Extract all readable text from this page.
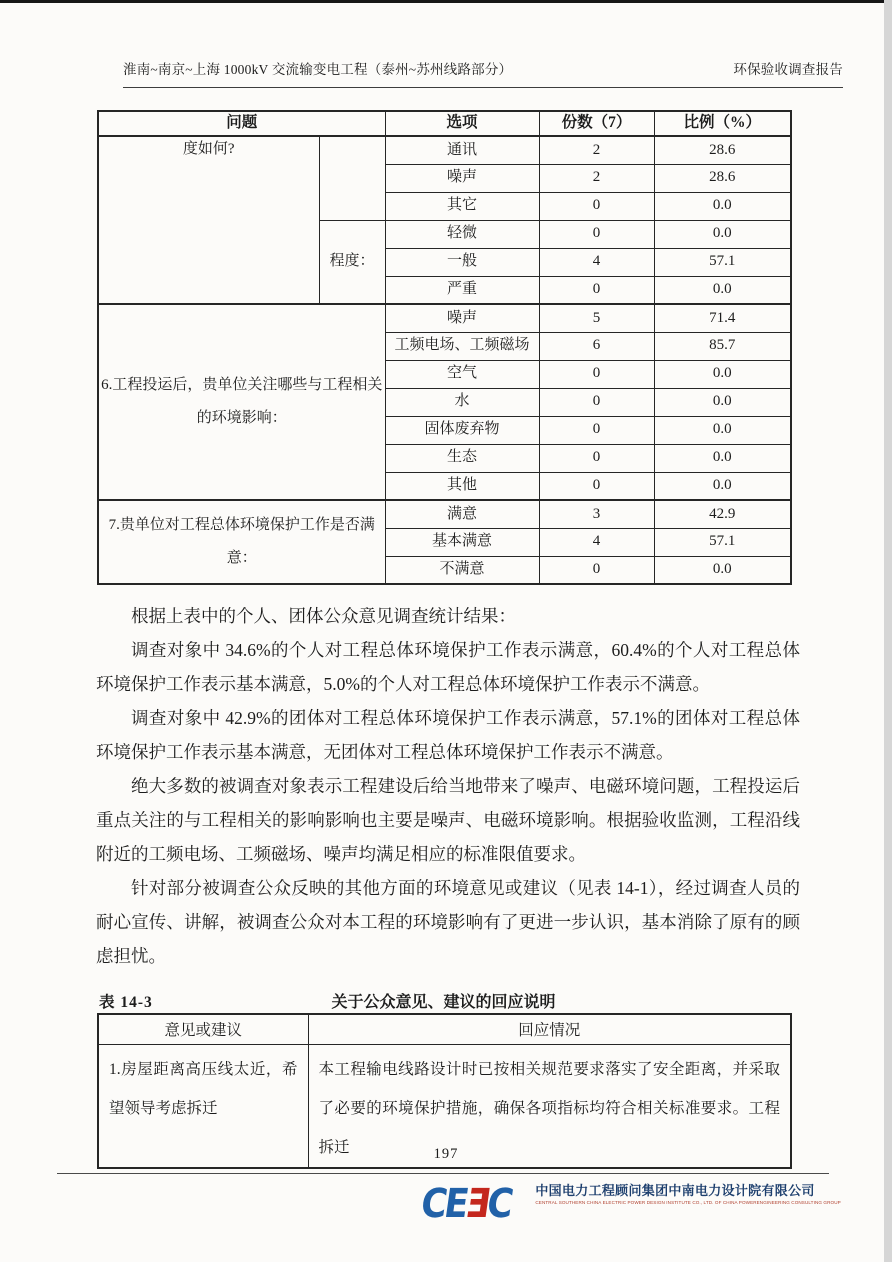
淮南~南京~上海 1000kV 交流输变电工程（泰州~苏州线路部分）	环保验收调查报告
问题		选项	份数（7）	比例（%）
度如何?		通讯	2	28.6
		噪声	2	28.6
		其它	0	0.0
	程度：	轻微	0	0.0
		一般	4	57.1
		严重	0	0.0
6.工程投运后，贵单位关注哪些与工程相关的环境影响：		噪声	5	71.4
		工频电场、工频磁场	6	85.7
		空气	0	0.0
		水	0	0.0
		固体废弃物	0	0.0
		生态	0	0.0
		其他	0	0.0
7.贵单位对工程总体环境保护工作是否满意：		满意	3	42.9
		基本满意	4	57.1
		不满意	0	0.0

根据上表中的个人、团体公众意见调查统计结果：

调查对象中 34.6%的个人对工程总体环境保护工作表示满意，60.4%的个人对工程总体环境保护工作表示基本满意，5.0%的个人对工程总体环境保护工作表示不满意。

调查对象中 42.9%的团体对工程总体环境保护工作表示满意，57.1%的团体对工程总体环境保护工作表示基本满意，无团体对工程总体环境保护工作表示不满意。

绝大多数的被调查对象表示工程建设后给当地带来了噪声、电磁环境问题，工程投运后重点关注的与工程相关的影响影响也主要是噪声、电磁环境影响。根据验收监测，工程沿线附近的工频电场、工频磁场、噪声均满足相应的标准限值要求。

针对部分被调查公众反映的其他方面的环境意见或建议（见表 14-1），经过调查人员的耐心宣传、讲解，被调查公众对本工程的环境影响有了更进一步认识，基本消除了原有的顾虑担忧。

表 14-3	关于公众意见、建议的回应说明
意见或建议	回应情况
1.房屋距离高压线太近，希望领导考虑拆迁	本工程输电线路设计时已按相关规范要求落实了安全距离，并采取了必要的环境保护措施，确保各项指标均符合相关标准要求。工程拆迁	197
C
E
Ǝ
C 中国电力工程顾问集团中南电力设计院有限公司
CENTRAL SOUTHERN CHINA ELECTRIC POWER DESIGN INSTITUTE CO., LTD. OF CHINA POWERENGINEERING CONSULTING GROUP
